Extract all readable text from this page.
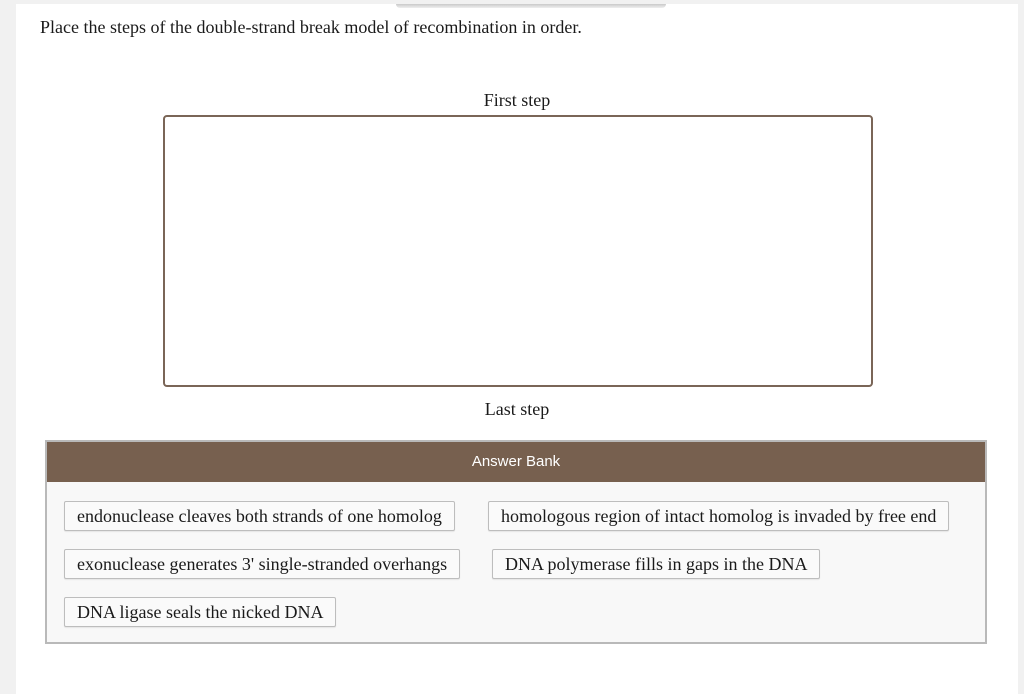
Place the steps of the double-strand break model of recombination in order.
First step
Last step
Answer Bank
endonuclease cleaves both strands of one homolog	homologous region of intact homolog is invaded by free end
exonuclease generates 3' single-stranded overhangs	DNA polymerase fills in gaps in the DNA
DNA ligase seals the nicked DNA
